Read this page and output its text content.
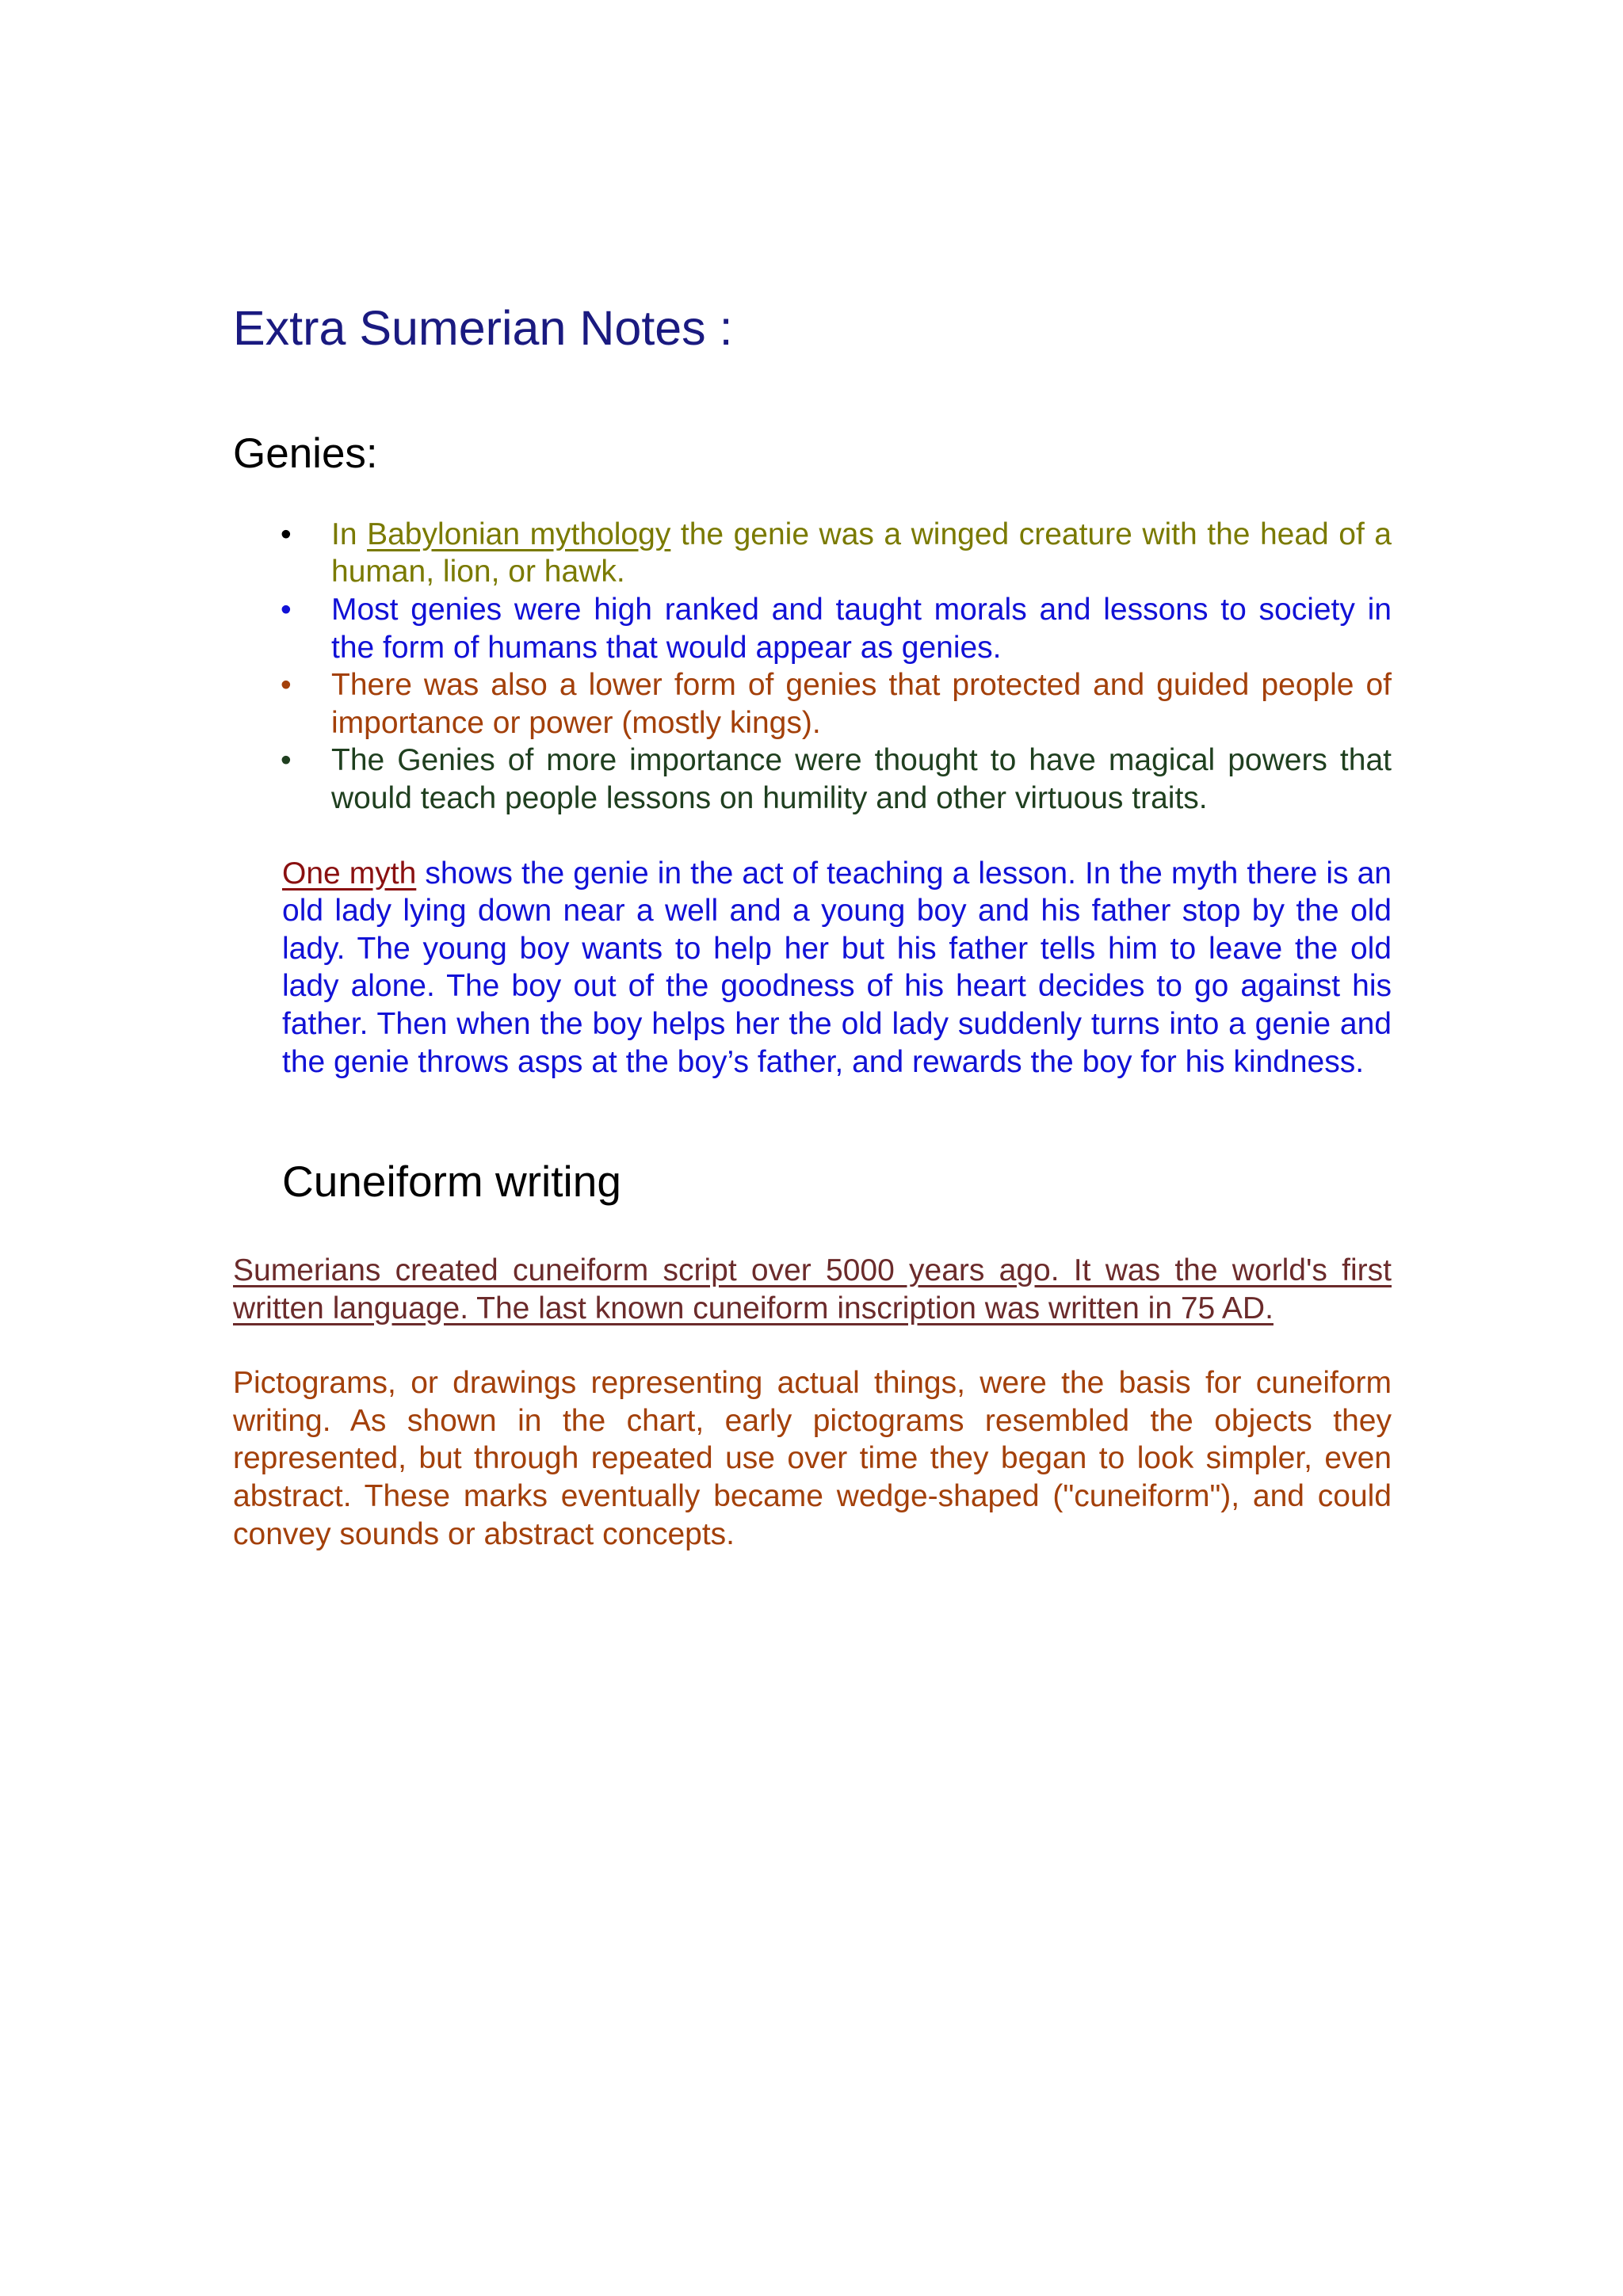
Extra Sumerian Notes :
Genies:
• In Babylonian mythology the genie was a winged creature with the head of a human, lion, or hawk.
• Most genies were high ranked and taught morals and lessons to society in the form of humans that would appear as genies.
• There was also a lower form of genies that protected and guided people of importance or power (mostly kings).
• The Genies of more importance were thought to have magical powers that would teach people lessons on humility and other virtuous traits.

One myth shows the genie in the act of teaching a lesson. In the myth there is an old lady lying down near a well and a young boy and his father stop by the old lady. The young boy wants to help her but his father tells him to leave the old lady alone. The boy out of the goodness of his heart decides to go against his father. Then when the boy helps her the old lady suddenly turns into a genie and the genie throws asps at the boy’s father, and rewards the boy for his kindness.

Cuneiform writing

Sumerians created cuneiform script over 5000 years ago. It was the world's first written language. The last known cuneiform inscription was written in 75 AD.

Pictograms, or drawings representing actual things, were the basis for cuneiform writing. As shown in the chart, early pictograms resembled the objects they represented, but through repeated use over time they began to look simpler, even abstract. These marks eventually became wedge-shaped ("cuneiform"), and could convey sounds or abstract concepts.
